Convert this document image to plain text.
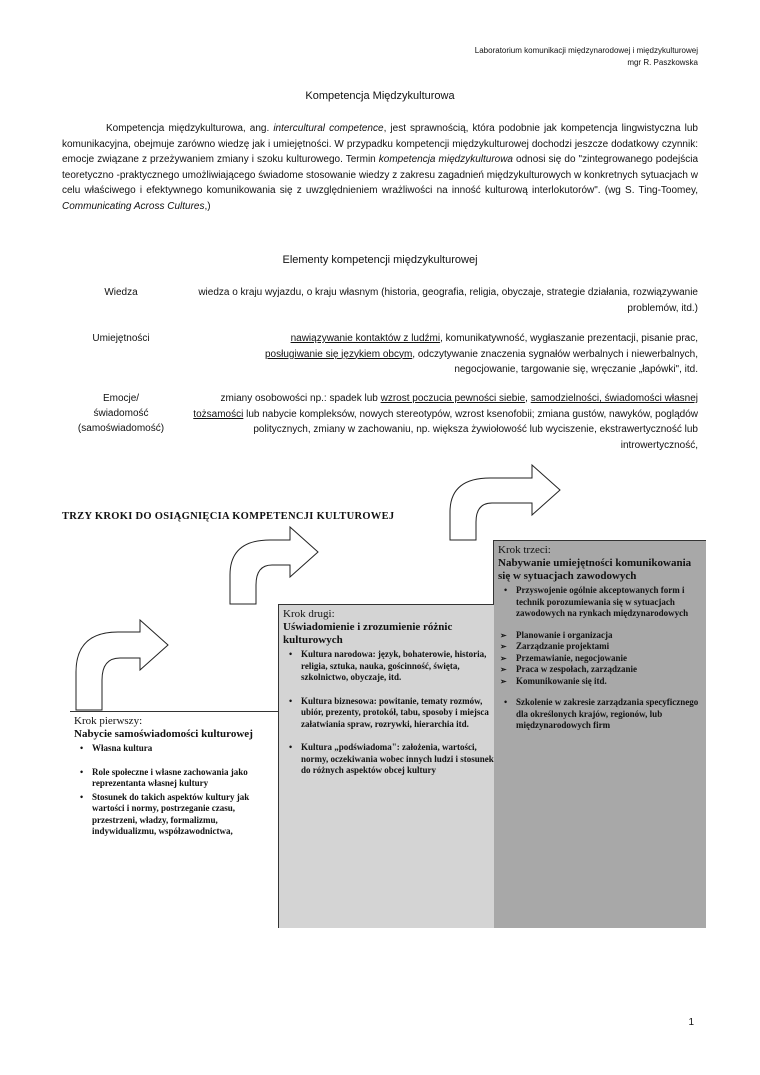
Laboratorium komunikacji międzynarodowej i międzykulturowej
mgr R. Paszkowska
Kompetencja Międzykulturowa
Kompetencja międzykulturowa, ang. intercultural competence, jest sprawnością, która podobnie jak kompetencja lingwistyczna lub komunikacyjna, obejmuje zarówno wiedzę jak i umiejętności. W przypadku kompetencji międzykulturowej dochodzi jeszcze dodatkowy czynnik: emocje związane z przeżywaniem zmiany i szoku kulturowego. Termin kompetencja międzykulturowa odnosi się do "zintegrowanego podejścia teoretyczno -praktycznego umożliwiającego świadome stosowanie wiedzy z zakresu zagadnień międzykulturowych w konkretnych sytuacjach w celu właściwego i efektywnego komunikowania się z uwzględnieniem wrażliwości na inność kulturową interlokutorów". (wg S. Ting-Toomey, Communicating Across Cultures,)
Elementy kompetencji międzykulturowej
Wiedza	wiedza o kraju wyjazdu, o kraju własnym (historia, geografia, religia, obyczaje, strategie działania, rozwiązywanie problemów, itd.)
Umiejętności	nawiązywanie kontaktów z ludźmi, komunikatywność, wygłaszanie prezentacji, pisanie prac,
posługiwanie się językiem obcym, odczytywanie znaczenia sygnałów werbalnych i niewerbalnych,
negocjowanie, targowanie się, wręczanie „łapówki", itd.
Emocje/
świadomość
(samoświadomość)
zmiany osobowości np.: spadek lub wzrost poczucia pewności siebie, samodzielności, świadomości własnej tożsamości lub nabycie kompleksów, nowych stereotypów, wzrost ksenofobii; zmiana gustów, nawyków, poglądów politycznych, zmiany w zachowaniu, np. większa żywiołowość lub wyciszenie, ekstrawertyczność lub introwertyczność,
TRZY KROKI DO OSIĄGNIĘCIA KOMPETENCJI KULTUROWEJ
Krok trzeci:
Nabywanie umiejętności komunikowania się w sytuacjach zawodowych
• Przyswojenie ogólnie akceptowanych form i technik porozumiewania się w sytuacjach zawodowych na rynkach międzynarodowych
➢ Planowanie i organizacja
➢ Zarządzanie projektami
➢ Przemawianie, negocjowanie
➢ Praca w zespołach, zarządzanie
➢ Komunikowanie się itd.
• Szkolenie w zakresie zarządzania specyficznego dla określonych krajów, regionów, lub międzynarodowych firm
Krok drugi:
Uświadomienie i zrozumienie różnic kulturowych
• Kultura narodowa: język, bohaterowie, historia, religia, sztuka, nauka, gościnność, święta, szkolnictwo, obyczaje, itd.
• Kultura biznesowa: powitanie, tematy rozmów, ubiór, prezenty, protokół, tabu, sposoby i miejsca załatwiania spraw, rozrywki, hierarchia itd.
• Kultura „podświadoma": założenia, wartości, normy, oczekiwania wobec innych ludzi i stosunek do różnych aspektów obcej kultury
Krok pierwszy:
Nabycie samoświadomości kulturowej
• Własna kultura
• Role społeczne i własne zachowania jako reprezentanta własnej kultury
• Stosunek do takich aspektów kultury jak wartości i normy, postrzeganie czasu, przestrzeni, władzy, formalizmu, indywidualizmu, współzawodnictwa,
1
